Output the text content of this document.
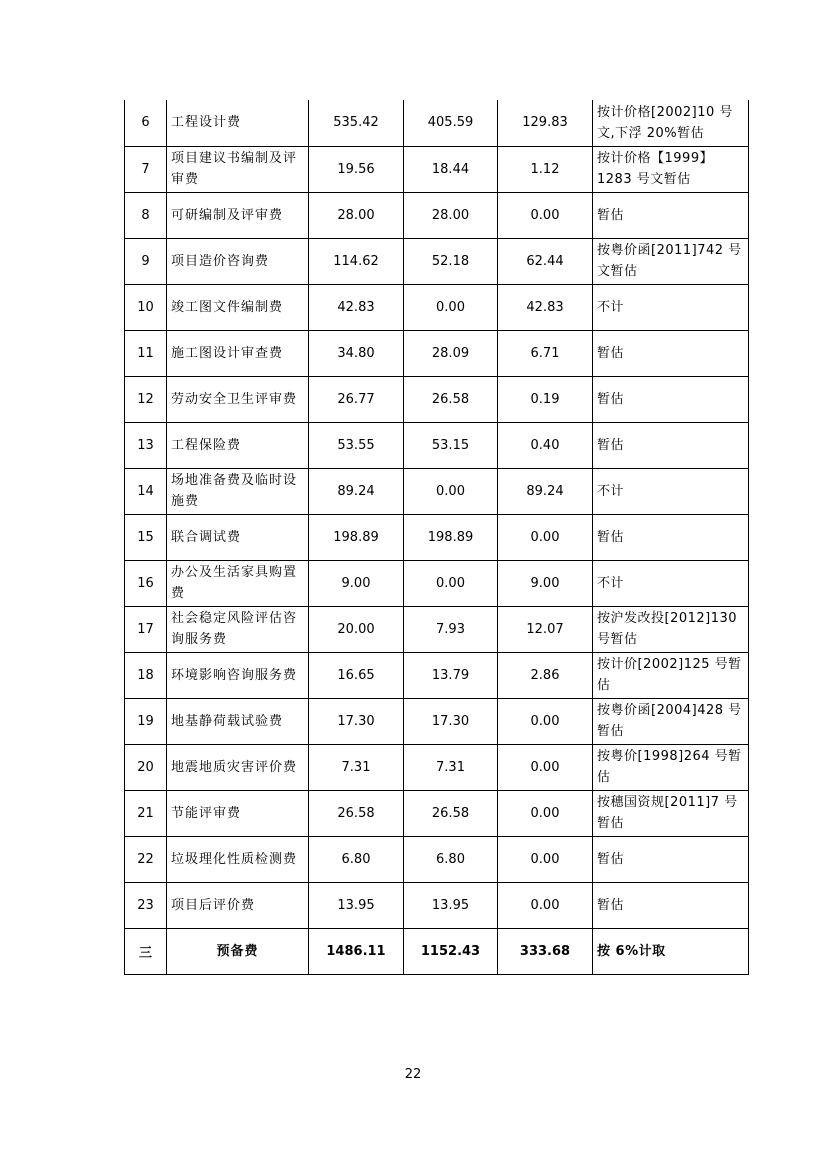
6	工程设计费	535.42	405.59	129.83	按计价格[2002]10 号文,下浮 20%暂估
7	项目建议书编制及评审费	19.56	18.44	1.12	按计价格【1999】1283 号文暂估
8	可研编制及评审费	28.00	28.00	0.00	暂估
9	项目造价咨询费	114.62	52.18	62.44	按粤价函[2011]742 号文暂估
10	竣工图文件编制费	42.83	0.00	42.83	不计
11	施工图设计审查费	34.80	28.09	6.71	暂估
12	劳动安全卫生评审费	26.77	26.58	0.19	暂估
13	工程保险费	53.55	53.15	0.40	暂估
14	场地准备费及临时设施费	89.24	0.00	89.24	不计
15	联合调试费	198.89	198.89	0.00	暂估
16	办公及生活家具购置费	9.00	0.00	9.00	不计
17	社会稳定风险评估咨询服务费	20.00	7.93	12.07	按沪发改投[2012]130 号暂估
18	环境影响咨询服务费	16.65	13.79	2.86	按计价[2002]125 号暂估
19	地基静荷载试验费	17.30	17.30	0.00	按粤价函[2004]428 号暂估
20	地震地质灾害评价费	7.31	7.31	0.00	按粤价[1998]264 号暂估
21	节能评审费	26.58	26.58	0.00	按穗国资规[2011]7 号暂估
22	垃圾理化性质检测费	6.80	6.80	0.00	暂估
23	项目后评价费	13.95	13.95	0.00	暂估
三	预备费	1486.11	1152.43	333.68	按 6%计取
22
